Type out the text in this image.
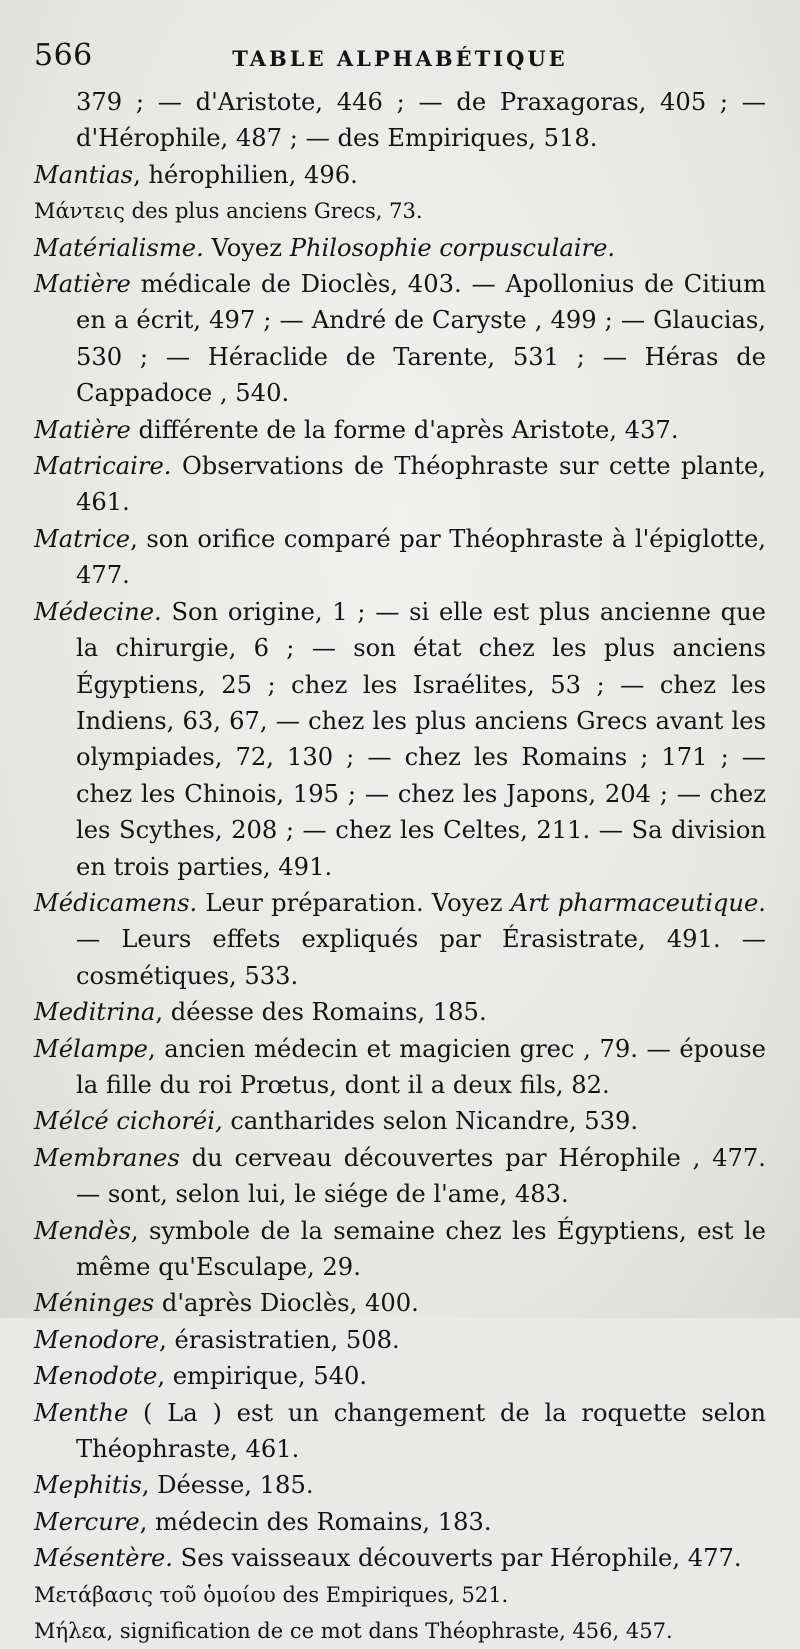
566	TABLE ALPHABÉTIQUE
379 ; — d'Aristote, 446 ; — de Praxagoras, 405 ; — d'Hérophile, 487 ; — des Empiriques, 518.
Mantias, hérophilien, 496.
Μάντεις des plus anciens Grecs, 73.
Matérialisme. Voyez Philosophie corpusculaire.
Matière médicale de Dioclès, 403. — Apollonius de Citium en a écrit, 497 ; — André de Caryste , 499 ; — Glaucias, 530 ; — Héraclide de Tarente, 531 ; — Héras de Cappadoce , 540.
Matière différente de la forme d'après Aristote, 437.
Matricaire. Observations de Théophraste sur cette plante, 461.
Matrice, son orifice comparé par Théophraste à l'épiglotte, 477.
Médecine. Son origine, 1 ; — si elle est plus ancienne que la chirurgie, 6 ; — son état chez les plus anciens Égyptiens, 25 ; chez les Israélites, 53 ; — chez les Indiens, 63, 67, — chez les plus anciens Grecs avant les olympiades, 72, 130 ; — chez les Romains ; 171 ; — chez les Chinois, 195 ; — chez les Japons, 204 ; — chez les Scythes, 208 ; — chez les Celtes, 211. — Sa division en trois parties, 491.
Médicamens. Leur préparation. Voyez Art pharmaceutique.— Leurs effets expliqués par Érasistrate, 491. — cosmétiques, 533.
Meditrina, déesse des Romains, 185.
Mélampe, ancien médecin et magicien grec , 79. — épouse la fille du roi Prœtus, dont il a deux fils, 82.
Mélcé cichoréi, cantharides selon Nicandre, 539.
Membranes du cerveau découvertes par Hérophile , 477. — sont, selon lui, le siége de l'ame, 483.
Mendès, symbole de la semaine chez les Égyptiens, est le même qu'Esculape, 29.
Méninges d'après Dioclès, 400.
Menodore, érasistratien, 508.
Menodote, empirique, 540.
Menthe ( La ) est un changement de la roquette selon Théophraste, 461.
Mephitis, Déesse, 185.
Mercure, médecin des Romains, 183.
Mésentère. Ses vaisseaux découverts par Hérophile, 477.
Μετάβασις τοῦ ὁμοίου des Empiriques, 521.
Μήλεα, signification de ce mot dans Théophraste, 456, 457.
